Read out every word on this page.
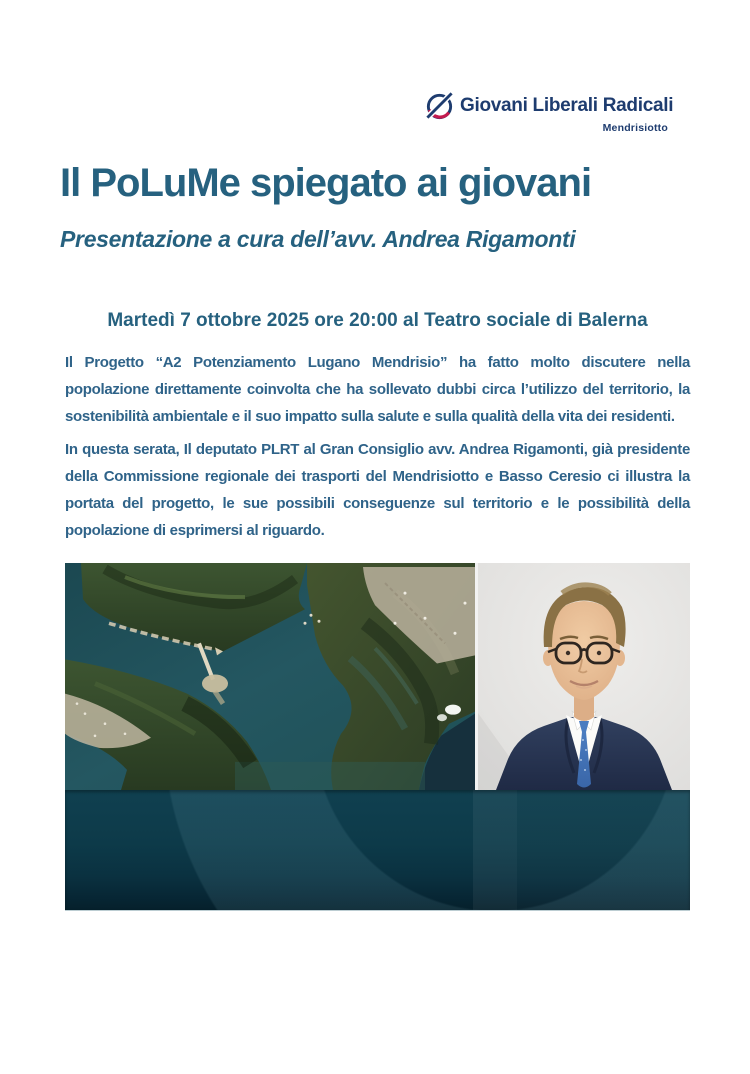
Giovani Liberali Radicali
Mendrisiotto
Il PoLuMe spiegato ai giovani
Presentazione a cura dell’avv. Andrea Rigamonti
Martedì 7 ottobre 2025 ore 20:00 al Teatro sociale di Balerna

Il Progetto “A2 Potenziamento Lugano Mendrisio” ha fatto molto discutere nella popolazione direttamente coinvolta che ha sollevato dubbi circa l’utilizzo del territorio, la sostenibilità ambientale e il suo impatto sulla salute e sulla qualità della vita dei residenti.

In questa serata, Il deputato PLRT al Gran Consiglio avv. Andrea Rigamonti, già presidente della Commissione regionale dei trasporti del Mendrisiotto e Basso Ceresio ci illustra la portata del progetto, le sue possibili conseguenze sul territorio e le possibilità della popolazione di esprimersi al riguardo.
